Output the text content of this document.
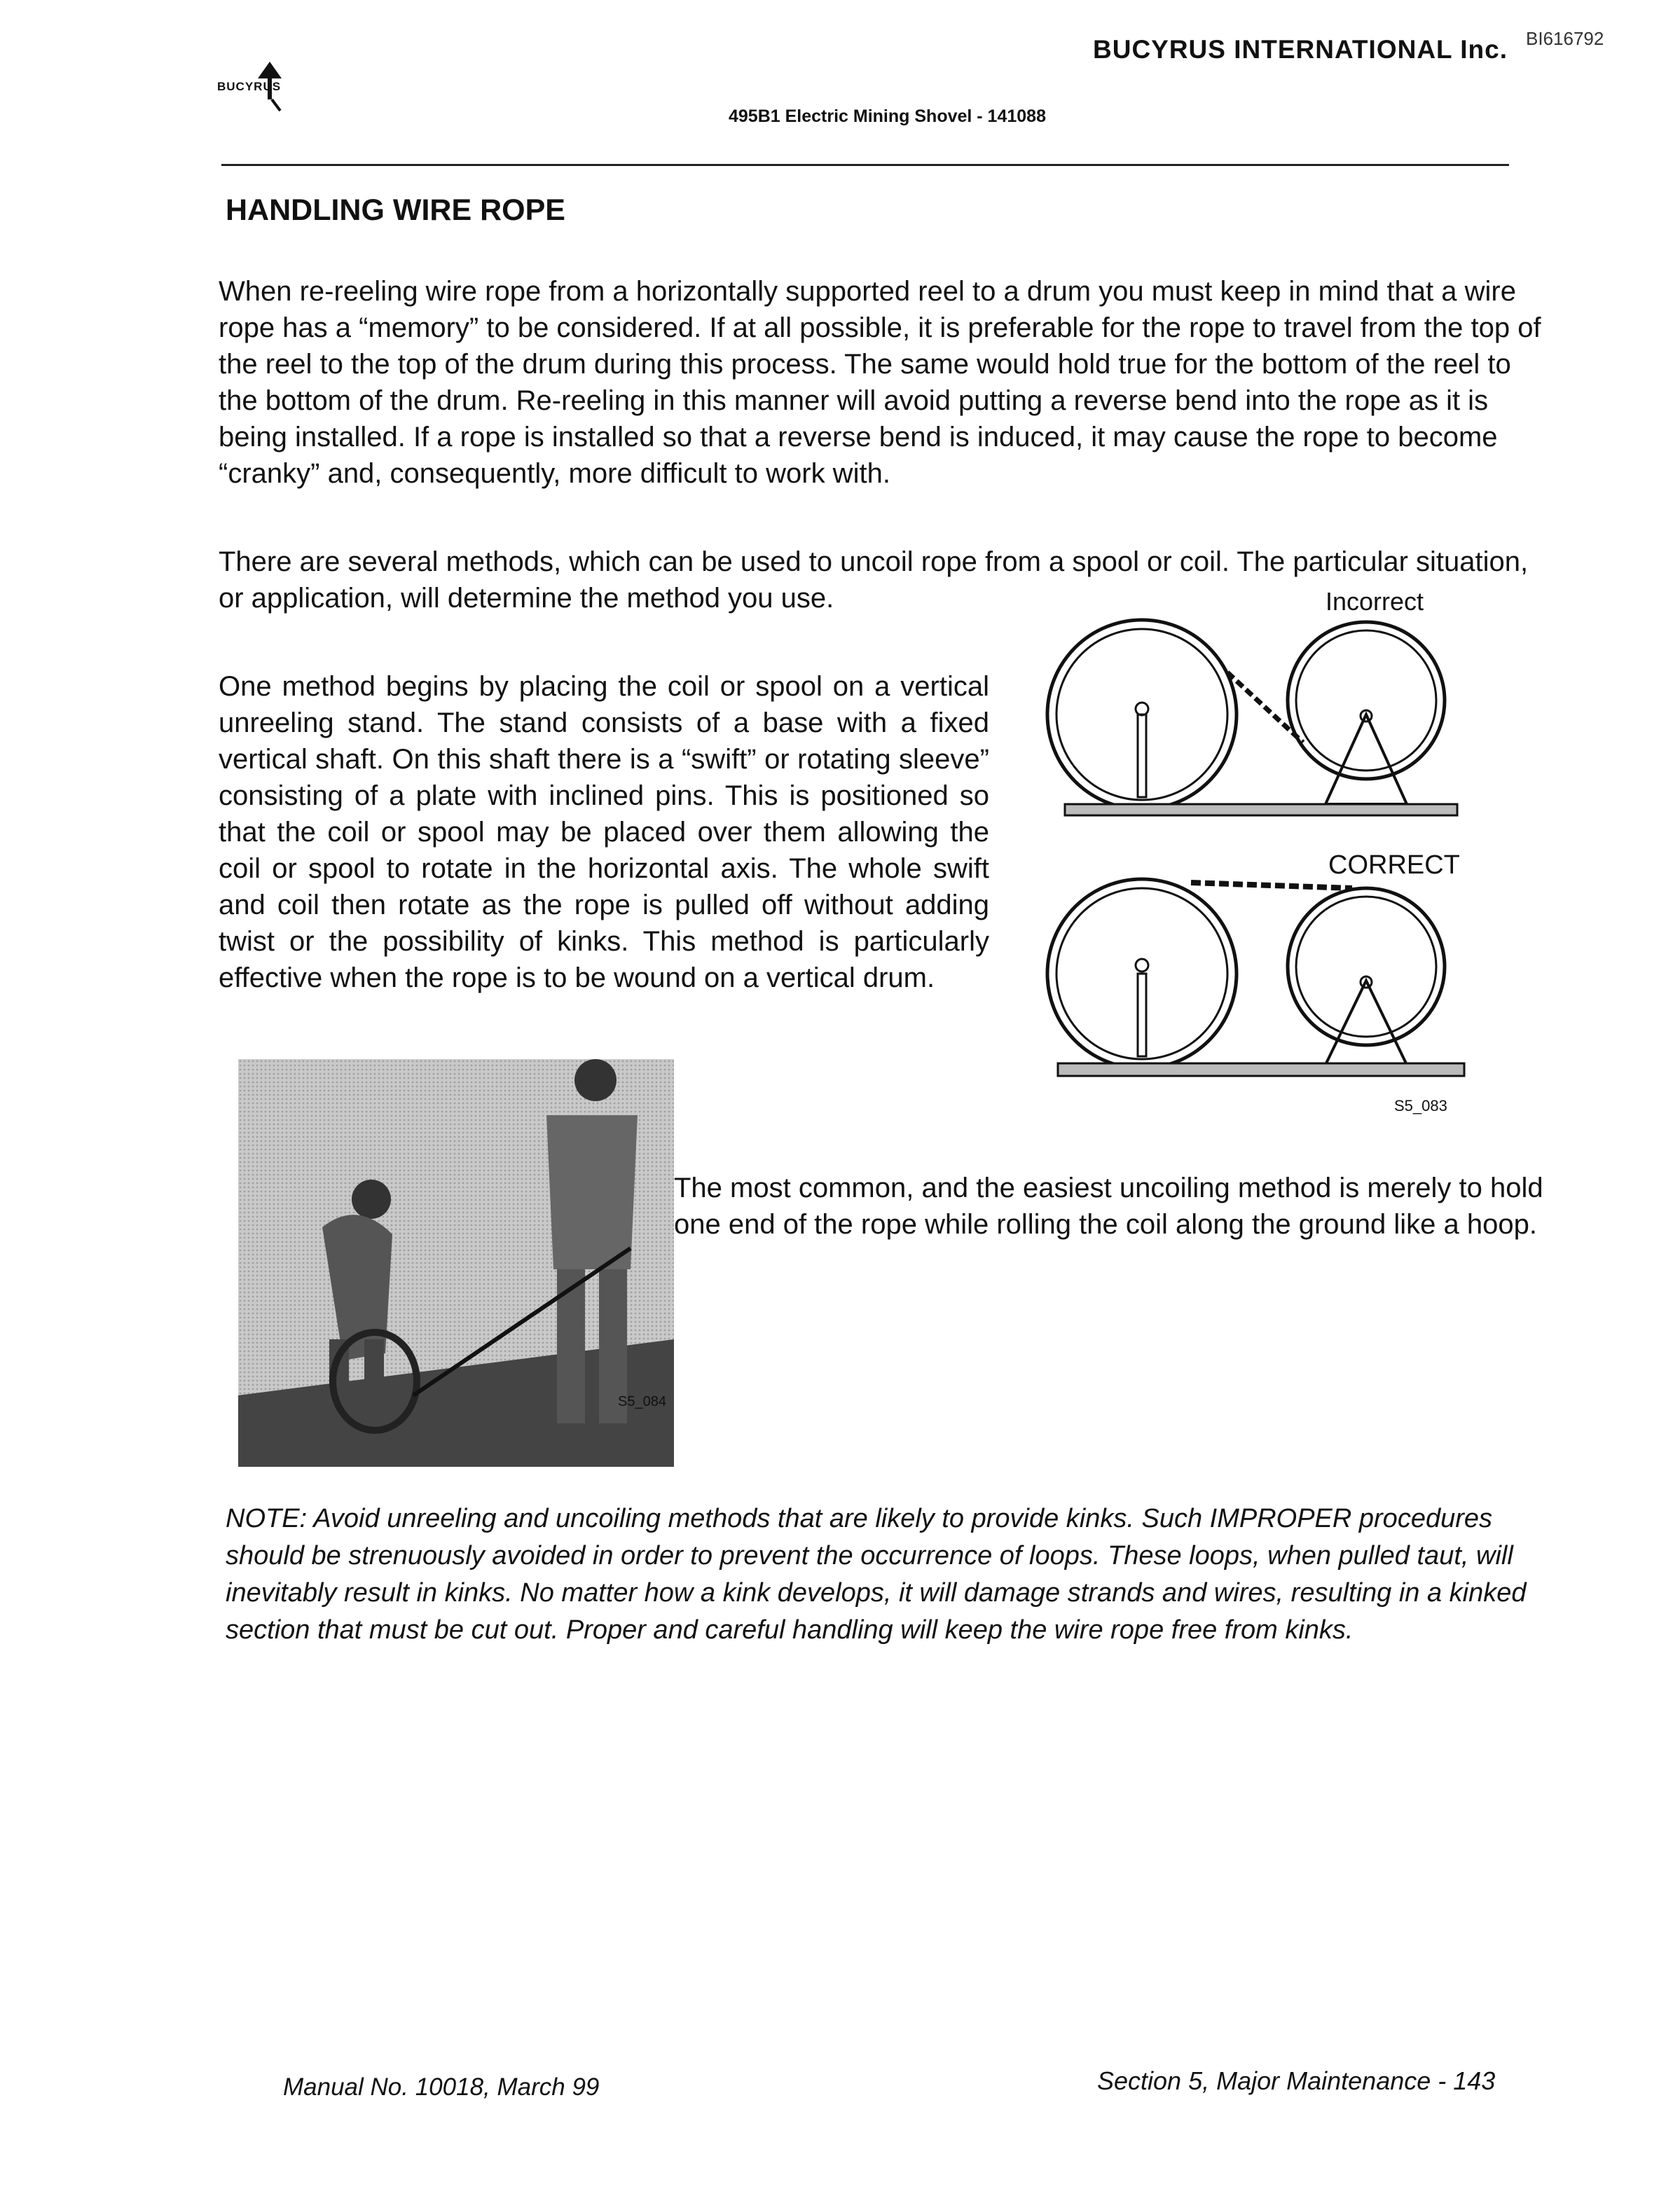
BUCYRUS
BUCYRUS INTERNATIONAL Inc.	BI616792
495B1 Electric Mining Shovel - 141088
HANDLING WIRE ROPE
When re-reeling wire rope from a horizontally supported reel to a drum you must keep in mind that a wire rope has a “memory” to be considered. If at all possible, it is preferable for the rope to travel from the top of the reel to the top of the drum during this process. The same would hold true for the bottom of the reel to the bottom of the drum. Re-reeling in this manner will avoid putting a reverse bend into the rope as it is being installed. If a rope is installed so that a reverse bend is induced, it may cause the rope to become “cranky” and, consequently, more difficult to work with.
There are several methods, which can be used to uncoil rope from a spool or coil. The particular situation, or application, will determine the method you use.
One method begins by placing the coil or spool on a vertical unreeling stand. The stand consists of a base with a fixed vertical shaft. On this shaft there is a “swift” or rotating sleeve” consisting of a plate with inclined pins. This is positioned so that the coil or spool may be placed over them allowing the coil or spool to rotate in the horizontal axis. The whole swift and coil then rotate as the rope is pulled off without adding twist or the possibility of kinks. This method is particularly effective when the rope is to be wound on a vertical drum.
Incorrect
CORRECT
S5_083
S5_084
The most common, and the easiest uncoiling method is merely to hold one end of the rope while rolling the coil along the ground like a hoop.
NOTE: Avoid unreeling and uncoiling methods that are likely to provide kinks. Such IMPROPER procedures should be strenuously avoided in order to prevent the occurrence of loops. These loops, when pulled taut, will inevitably result in kinks. No matter how a kink develops, it will damage strands and wires, resulting in a kinked section that must be cut out. Proper and careful handling will keep the wire rope free from kinks.
Manual No. 10018, March 99	Section 5, Major Maintenance - 143
